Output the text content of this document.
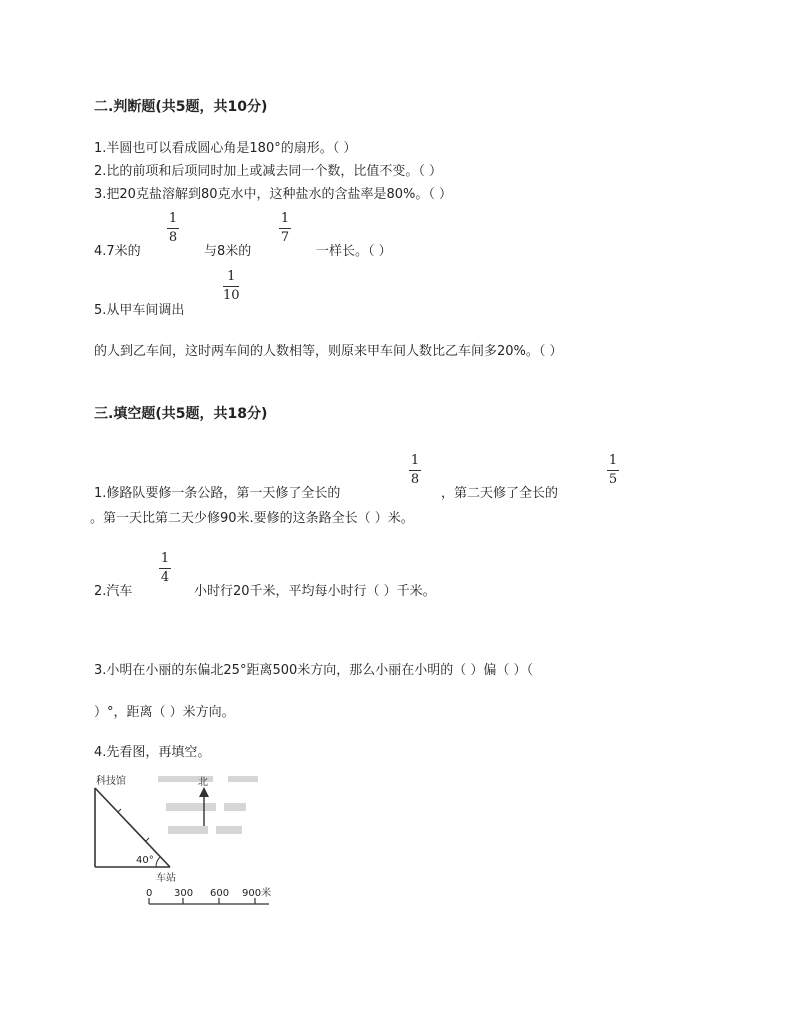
二.判断题(共5题，共10分)
1.半圆也可以看成圆心角是180°的扇形。（ ）
2.比的前项和后项同时加上或减去同一个数，比值不变。（ ）
3.把20克盐溶解到80克水中，这种盐水的含盐率是80%。（ ）
4.7米的
1
8
与8米的
1
7
一样长。（ ）
5.从甲车间调出
1
10
的人到乙车间，这时两车间的人数相等，则原来甲车间人数比乙车间多20%。（ ）
三.填空题(共5题，共18分)
1.修路队要修一条公路，第一天修了全长的
1
8
，第二天修了全长的
1
5
。第一天比第二天少修90米.要修的这条路全长（ ）米。
2.汽车
1
4
小时行20千米，平均每小时行（ ）千米。
3.小明在小丽的东偏北25°距离500米方向，那么小丽在小明的（ ）偏（ ）（
）°，距离（ ）米方向。
4.先看图，再填空。
科技馆
40°
车站
北
0 300 600 900米
